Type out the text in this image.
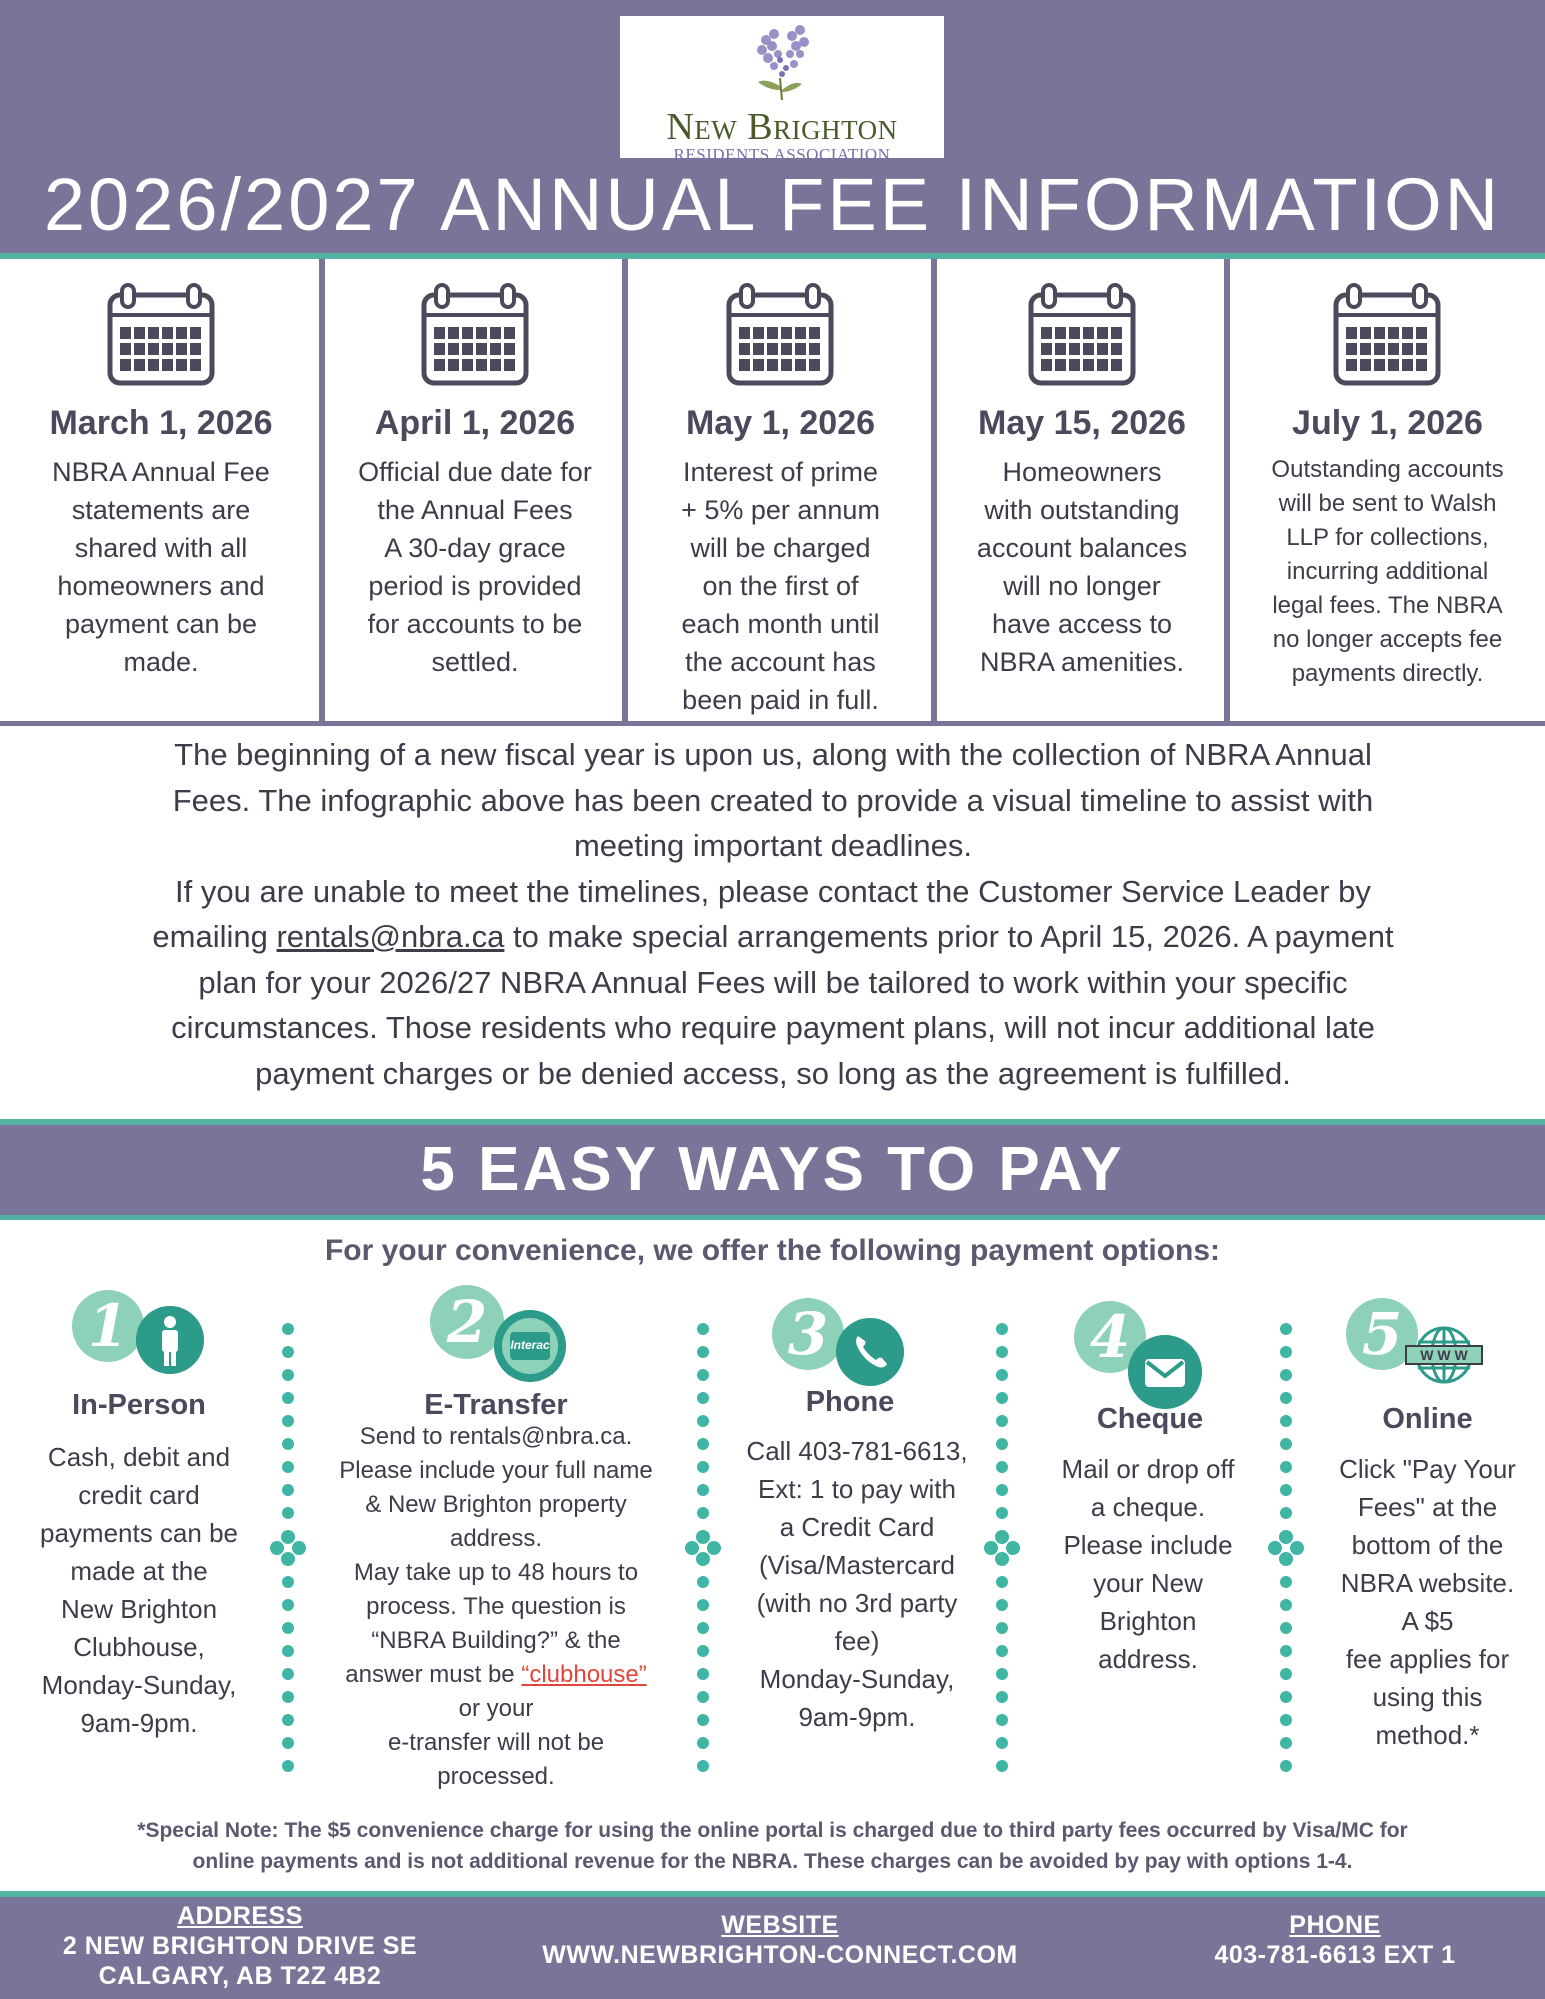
New Brighton
RESIDENTS ASSOCIATION
2026/2027 ANNUAL FEE INFORMATION
March 1, 2026
NBRA Annual Fee
statements are
shared with all
homeowners and
payment can be
made.
April 1, 2026
Official due date for
the Annual Fees
A 30-day grace
period is provided
for accounts to be
settled.
May 1, 2026
Interest of prime
+ 5% per annum
will be charged
on the first of
each month until
the account has
been paid in full.
May 15, 2026
Homeowners
with outstanding
account balances
will no longer
have access to
NBRA amenities.
July 1, 2026
Outstanding accounts
will be sent to Walsh
LLP for collections,
incurring additional
legal fees. The NBRA
no longer accepts fee
payments directly.
The beginning of a new fiscal year is upon us, along with the collection of NBRA Annual
Fees. The infographic above has been created to provide a visual timeline to assist with
meeting important deadlines.
If you are unable to meet the timelines, please contact the Customer Service Leader by
emailing rentals@nbra.ca to make special arrangements prior to April 15, 2026. A payment
plan for your 2026/27 NBRA Annual Fees will be tailored to work within your specific
circumstances. Those residents who require payment plans, will not incur additional late
payment charges or be denied access, so long as the agreement is fulfilled.
5 EASY WAYS TO PAY
For your convenience, we offer the following payment options:
1
In-Person
Cash, debit and
credit card
payments can be
made at the
New Brighton
Clubhouse,
Monday-Sunday,
9am-9pm.
2	Interac
E-Transfer
Send to rentals@nbra.ca.
Please include your full name
& New Brighton property
address.
May take up to 48 hours to
process. The question is
“NBRA Building?” & the
answer must be “clubhouse”
or your
e-transfer will not be
processed.
3
Phone
Call 403-781-6613,
Ext: 1 to pay with
a Credit Card
(Visa/Mastercard
(with no 3rd party
fee)
Monday-Sunday,
9am-9pm.
4
Cheque
Mail or drop off
a cheque.
Please include
your New
Brighton
address.
5	W W W
Online
Click "Pay Your
Fees" at the
bottom of the
NBRA website.
A $5
fee applies for
using this
method.*
*Special Note: The $5 convenience charge for using the online portal is charged due to third party fees occurred by Visa/MC for
online payments and is not additional revenue for the NBRA. These charges can be avoided by pay with options 1-4.
ADDRESS
2 NEW BRIGHTON DRIVE SE
CALGARY, AB T2Z 4B2
WEBSITE
WWW.NEWBRIGHTON-CONNECT.COM
PHONE
403-781-6613 EXT 1
